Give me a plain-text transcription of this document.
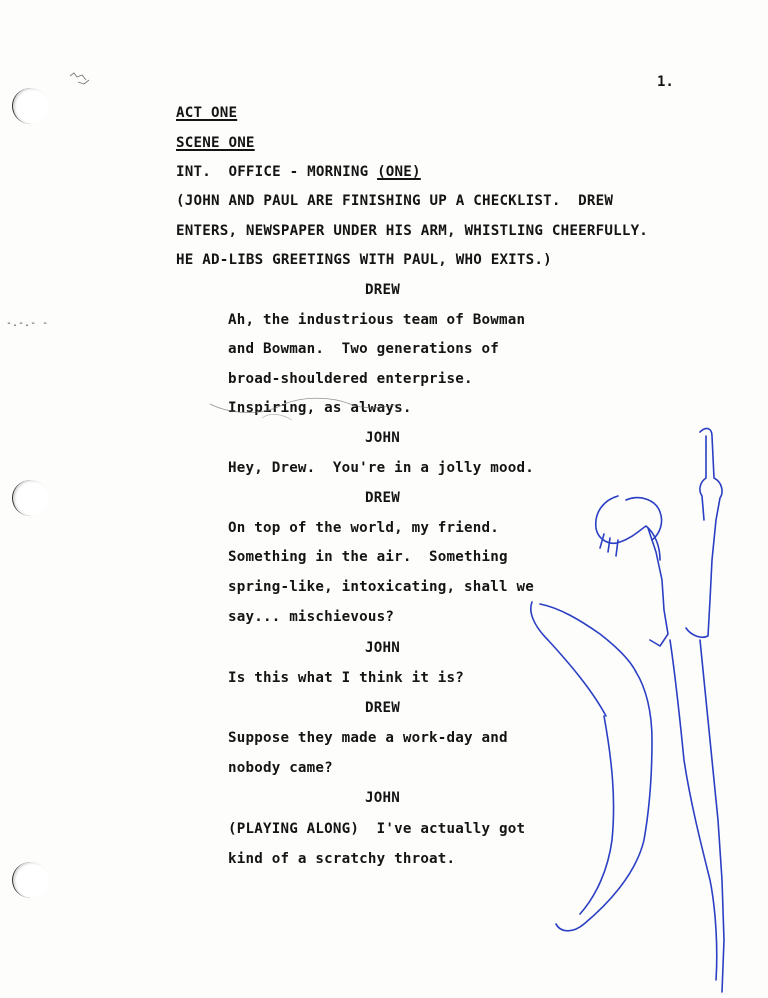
-.-.- -
1.
ACT ONE
SCENE ONE
INT.  OFFICE - MORNING (ONE)
(JOHN AND PAUL ARE FINISHING UP A CHECKLIST.  DREW
ENTERS, NEWSPAPER UNDER HIS ARM, WHISTLING CHEERFULLY.
HE AD-LIBS GREETINGS WITH PAUL, WHO EXITS.)
DREW
Ah, the industrious team of Bowman
and Bowman.  Two generations of
broad-shouldered enterprise.
Inspiring, as always.
JOHN
Hey, Drew.  You're in a jolly mood.
DREW
On top of the world, my friend.
Something in the air.  Something
spring-like, intoxicating, shall we
say... mischievous?
JOHN
Is this what I think it is?
DREW
Suppose they made a work-day and
nobody came?
JOHN
(PLAYING ALONG)  I've actually got
kind of a scratchy throat.
